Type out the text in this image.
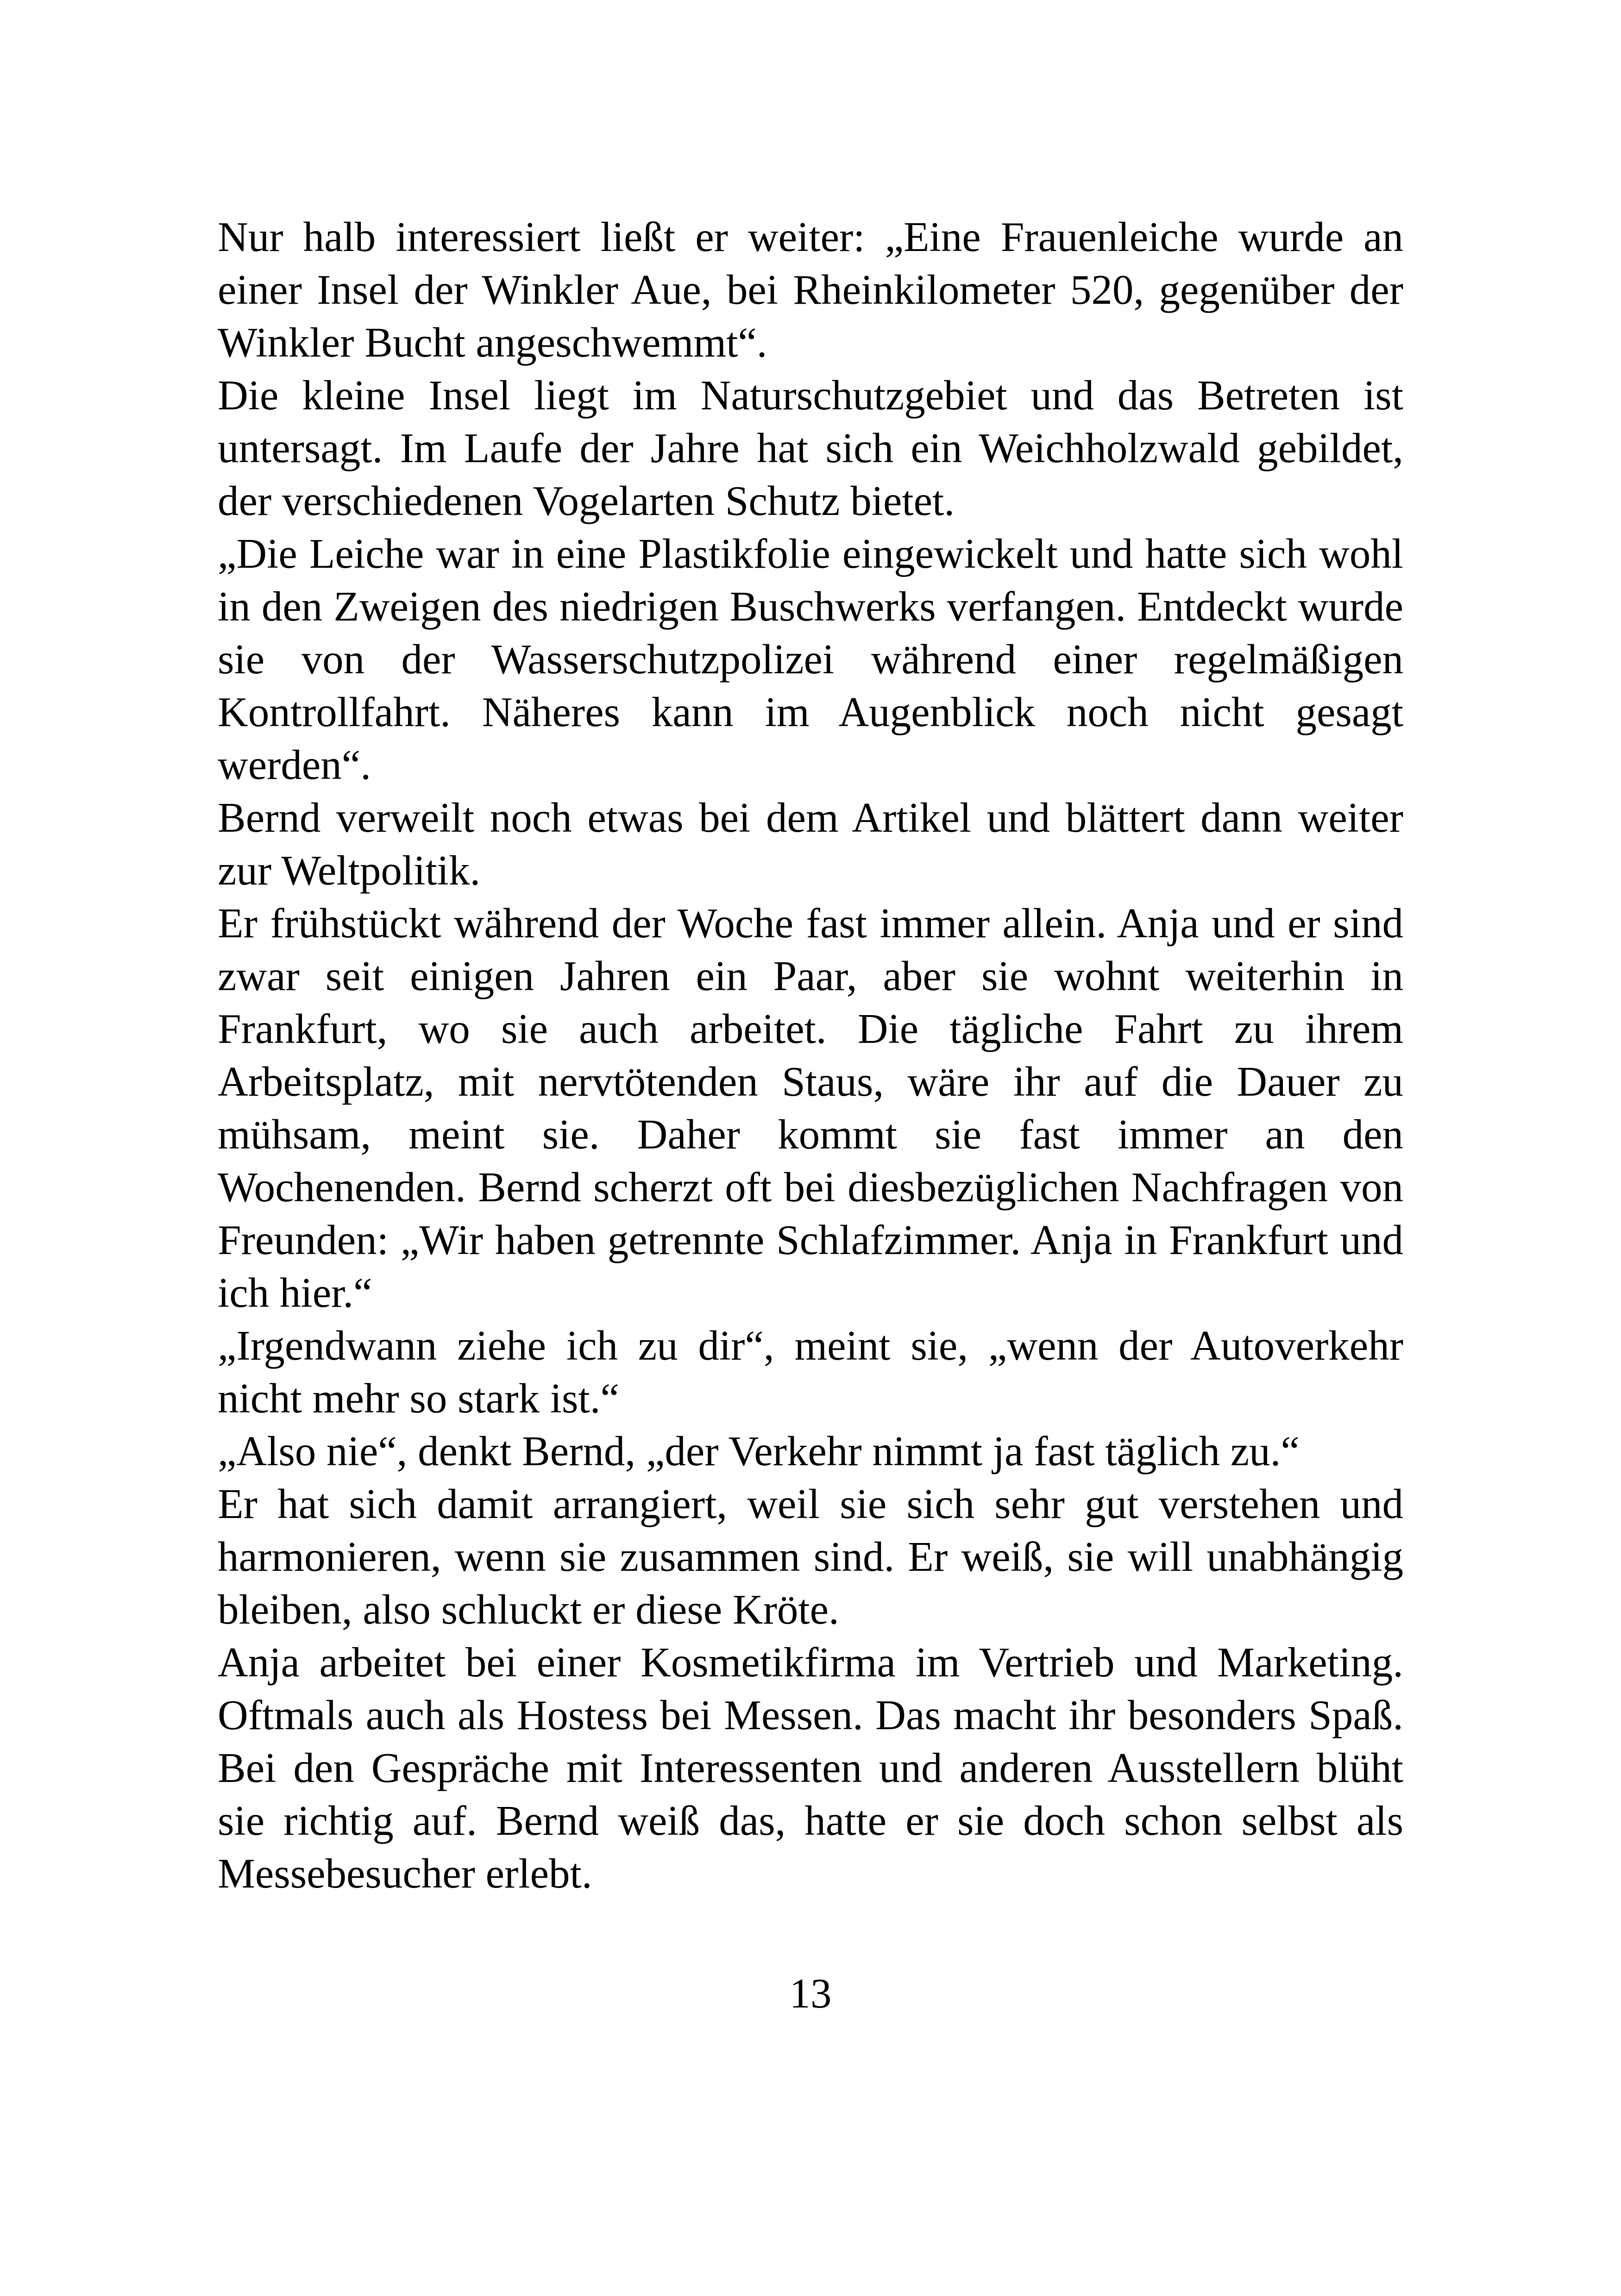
Nur halb interessiert ließt er weiter: „Eine Frauenleiche wurde an einer Insel der Winkler Aue, bei Rheinkilometer 520, gegenüber der Winkler Bucht angeschwemmt“.

Die kleine Insel liegt im Naturschutzgebiet und das Betreten ist untersagt. Im Laufe der Jahre hat sich ein Weichholzwald gebildet, der verschiedenen Vogelarten Schutz bietet.

„Die Leiche war in eine Plastikfolie eingewickelt und hatte sich wohl in den Zweigen des niedrigen Buschwerks verfangen. Entdeckt wurde sie von der Wasserschutzpolizei während einer regelmäßigen Kontrollfahrt. Näheres kann im Augenblick noch nicht gesagt werden“.

Bernd verweilt noch etwas bei dem Artikel und blättert dann weiter zur Weltpolitik.

Er frühstückt während der Woche fast immer allein. Anja und er sind zwar seit einigen Jahren ein Paar, aber sie wohnt weiterhin in Frankfurt, wo sie auch arbeitet. Die tägliche Fahrt zu ihrem Arbeitsplatz, mit nervtötenden Staus, wäre ihr auf die Dauer zu mühsam, meint sie. Daher kommt sie fast immer an den Wochenenden. Bernd scherzt oft bei diesbezüglichen Nachfragen von Freunden: „Wir haben getrennte Schlafzimmer. Anja in Frankfurt und ich hier.“

„Irgendwann ziehe ich zu dir“, meint sie, „wenn der Autoverkehr nicht mehr so stark ist.“

„Also nie“, denkt Bernd, „der Verkehr nimmt ja fast täglich zu.“

Er hat sich damit arrangiert, weil sie sich sehr gut verstehen und harmonieren, wenn sie zusammen sind. Er weiß, sie will unabhängig bleiben, also schluckt er diese Kröte.

Anja arbeitet bei einer Kosmetikfirma im Vertrieb und Marketing. Oftmals auch als Hostess bei Messen. Das macht ihr besonders Spaß. Bei den Gespräche mit Interessenten und anderen Ausstellern blüht sie richtig auf. Bernd weiß das, hatte er sie doch schon selbst als Messebesucher erlebt.

13
